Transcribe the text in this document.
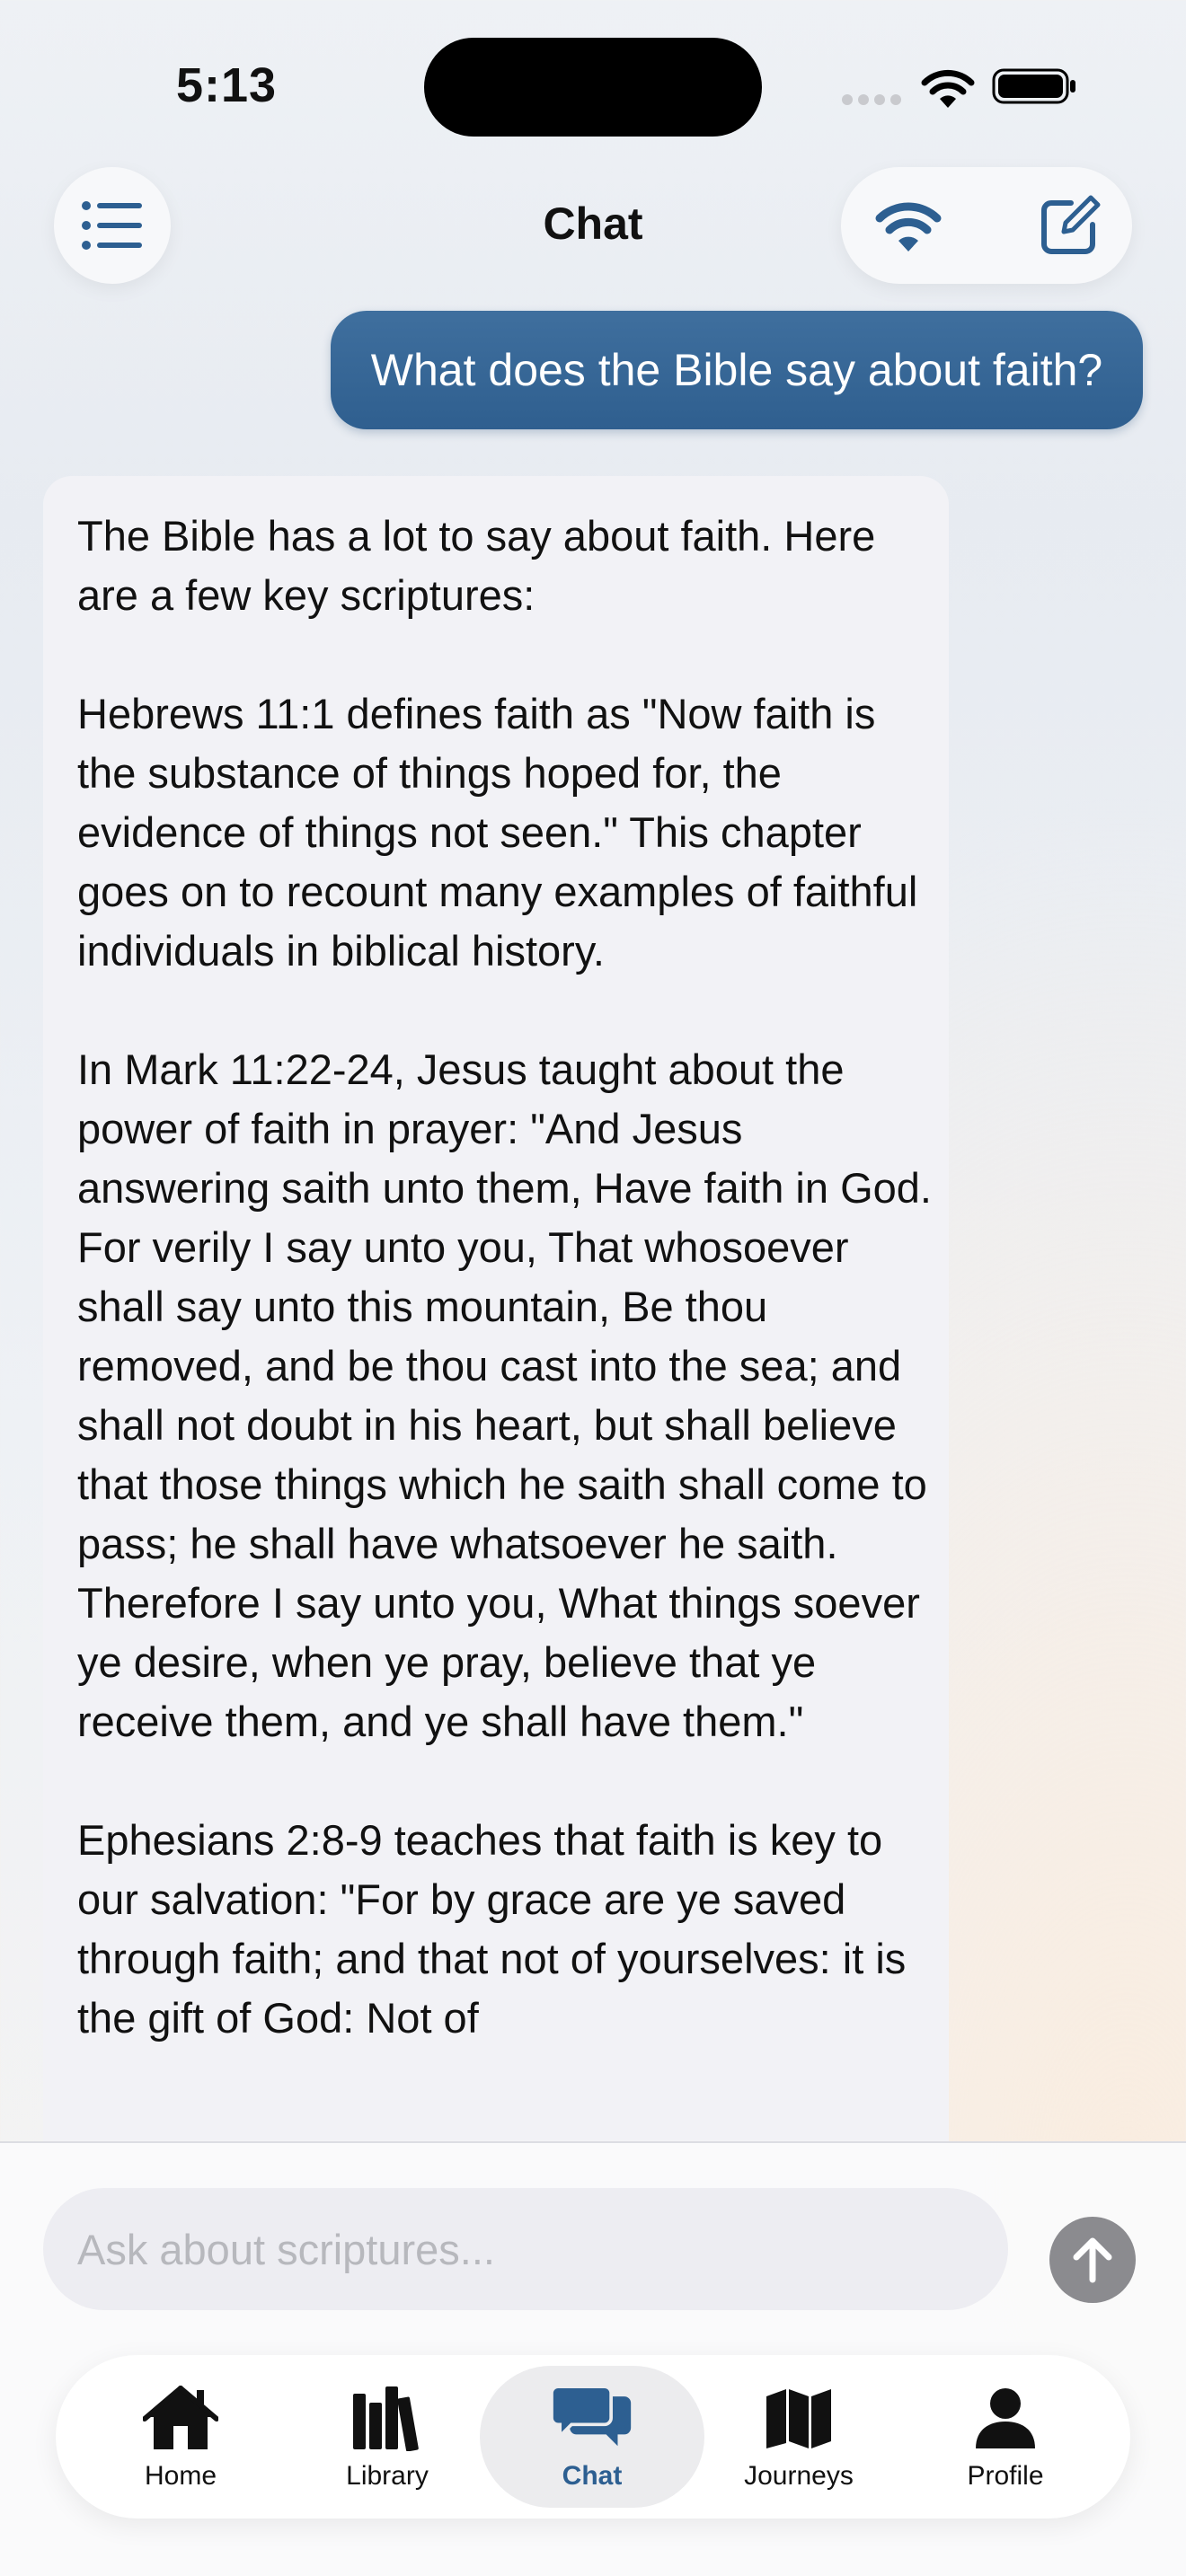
5:13
Chat
What does the Bible say about faith?

The Bible has a lot to say about faith. Here are a few key scriptures:

Hebrews 11:1 defines faith as "Now faith is the substance of things hoped for, the evidence of things not seen." This chapter goes on to recount many examples of faithful individuals in biblical history.

In Mark 11:22-24, Jesus taught about the power of faith in prayer: "And Jesus answering saith unto them, Have faith in God. For verily I say unto you, That whosoever shall say unto this mountain, Be thou removed, and be thou cast into the sea; and shall not doubt in his heart, but shall believe that those things which he saith shall come to pass; he shall have whatsoever he saith. Therefore I say unto you, What things soever ye desire, when ye pray, believe that ye receive them, and ye shall have them."

Ephesians 2:8-9 teaches that faith is key to our salvation: "For by grace are ye saved through faith; and that not of yourselves: it is the gift of God: Not of

Ask about scriptures...
Home	Library	Chat	Journeys	Profile
